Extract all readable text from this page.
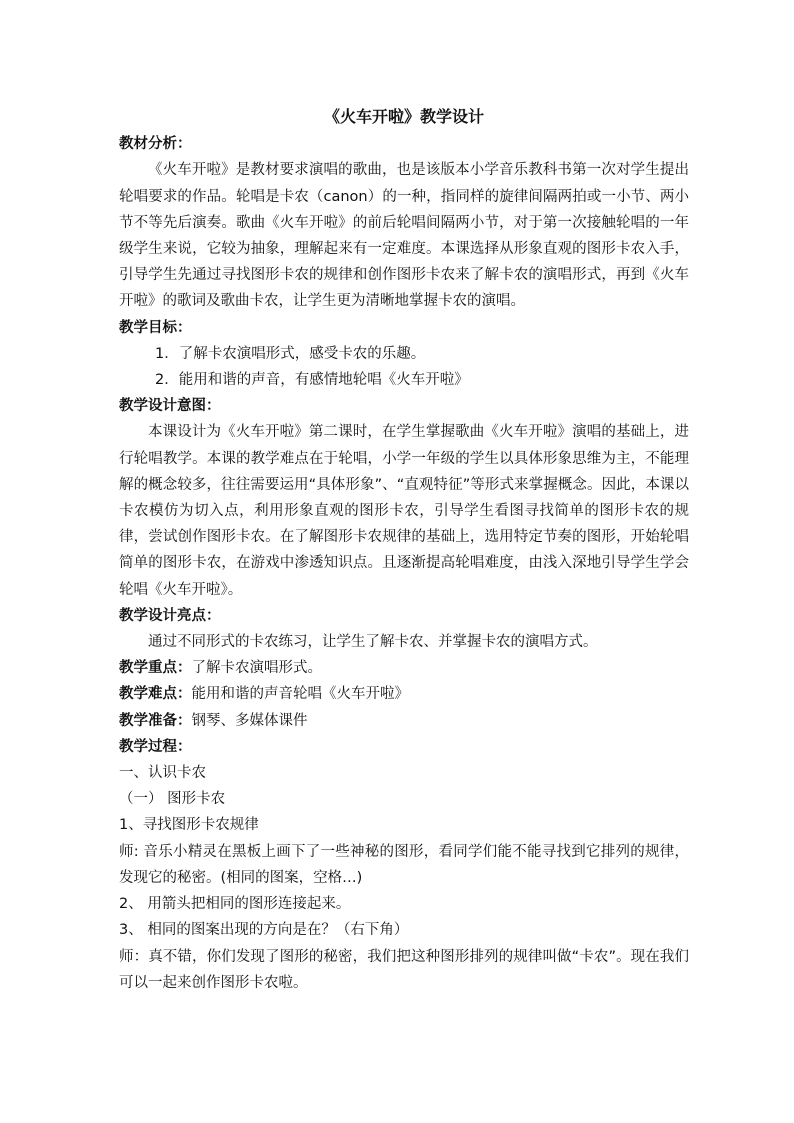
《火车开啦》教学设计

教材分析：

《火车开啦》是教材要求演唱的歌曲，也是该版本小学音乐教科书第一次对学生提出轮唱要求的作品。轮唱是卡农（canon）的一种，指同样的旋律间隔两拍或一小节、两小节不等先后演奏。歌曲《火车开啦》的前后轮唱间隔两小节，对于第一次接触轮唱的一年级学生来说，它较为抽象，理解起来有一定难度。本课选择从形象直观的图形卡农入手，引导学生先通过寻找图形卡农的规律和创作图形卡农来了解卡农的演唱形式，再到《火车开啦》的歌词及歌曲卡农，让学生更为清晰地掌握卡农的演唱。

教学目标：

1．了解卡农演唱形式，感受卡农的乐趣。

2．能用和谐的声音，有感情地轮唱《火车开啦》

教学设计意图：

本课设计为《火车开啦》第二课时，在学生掌握歌曲《火车开啦》演唱的基础上，进行轮唱教学。本课的教学难点在于轮唱，小学一年级的学生以具体形象思维为主，不能理解的概念较多，往往需要运用“具体形象”、“直观特征”等形式来掌握概念。因此，本课以卡农模仿为切入点，利用形象直观的图形卡农，引导学生看图寻找简单的图形卡农的规律，尝试创作图形卡农。在了解图形卡农规律的基础上，选用特定节奏的图形，开始轮唱简单的图形卡农，在游戏中渗透知识点。且逐渐提高轮唱难度，由浅入深地引导学生学会轮唱《火车开啦》。

教学设计亮点：

通过不同形式的卡农练习，让学生了解卡农、并掌握卡农的演唱方式。

教学重点：了解卡农演唱形式。

教学难点：能用和谐的声音轮唱《火车开啦》

教学准备：钢琴、多媒体课件

教学过程：

一、认识卡农

（一） 图形卡农

1、寻找图形卡农规律

师: 音乐小精灵在黑板上画下了一些神秘的图形，看同学们能不能寻找到它排列的规律，发现它的秘密。(相同的图案，空格…)

2、 用箭头把相同的图形连接起来。

3、 相同的图案出现的方向是在？（右下角）

师：真不错，你们发现了图形的秘密，我们把这种图形排列的规律叫做“卡农”。现在我们可以一起来创作图形卡农啦。
